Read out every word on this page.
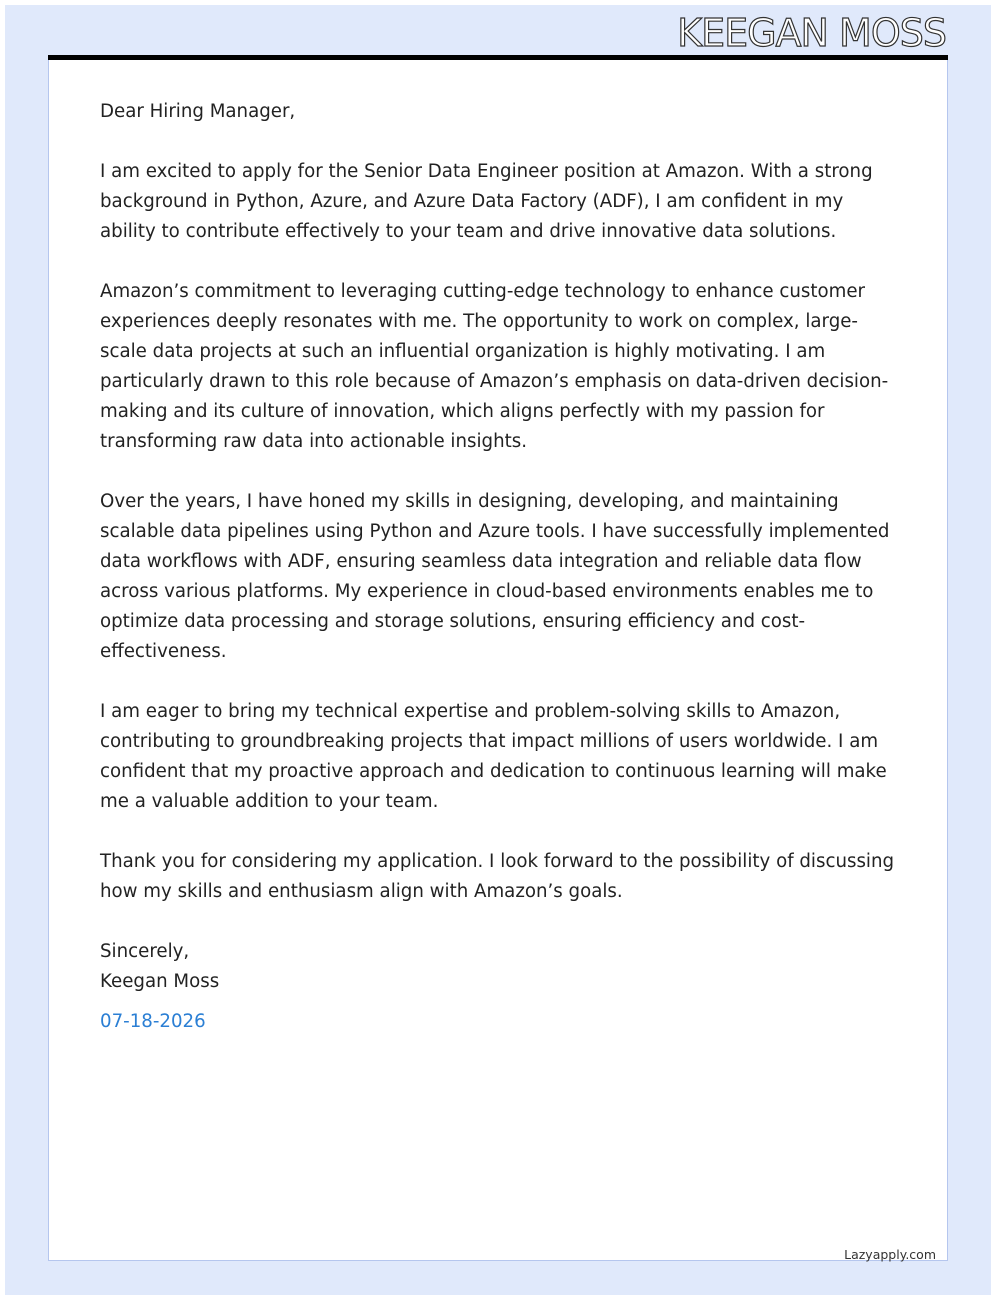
KEEGAN MOSS

Dear Hiring Manager,

I am excited to apply for the Senior Data Engineer position at Amazon. With a strong background in Python, Azure, and Azure Data Factory (ADF), I am confident in my ability to contribute effectively to your team and drive innovative data solutions.

Amazon’s commitment to leveraging cutting-edge technology to enhance customer experiences deeply resonates with me. The opportunity to work on complex, large-scale data projects at such an influential organization is highly motivating. I am particularly drawn to this role because of Amazon’s emphasis on data-driven decision-making and its culture of innovation, which aligns perfectly with my passion for transforming raw data into actionable insights.

Over the years, I have honed my skills in designing, developing, and maintaining scalable data pipelines using Python and Azure tools. I have successfully implemented data workflows with ADF, ensuring seamless data integration and reliable data flow across various platforms. My experience in cloud-based environments enables me to optimize data processing and storage solutions, ensuring efficiency and cost-effectiveness.

I am eager to bring my technical expertise and problem-solving skills to Amazon, contributing to groundbreaking projects that impact millions of users worldwide. I am confident that my proactive approach and dedication to continuous learning will make me a valuable addition to your team.

Thank you for considering my application. I look forward to the possibility of discussing how my skills and enthusiasm align with Amazon’s goals.

Sincerely,
Keegan Moss
07-18-2026
Lazyapply.com
